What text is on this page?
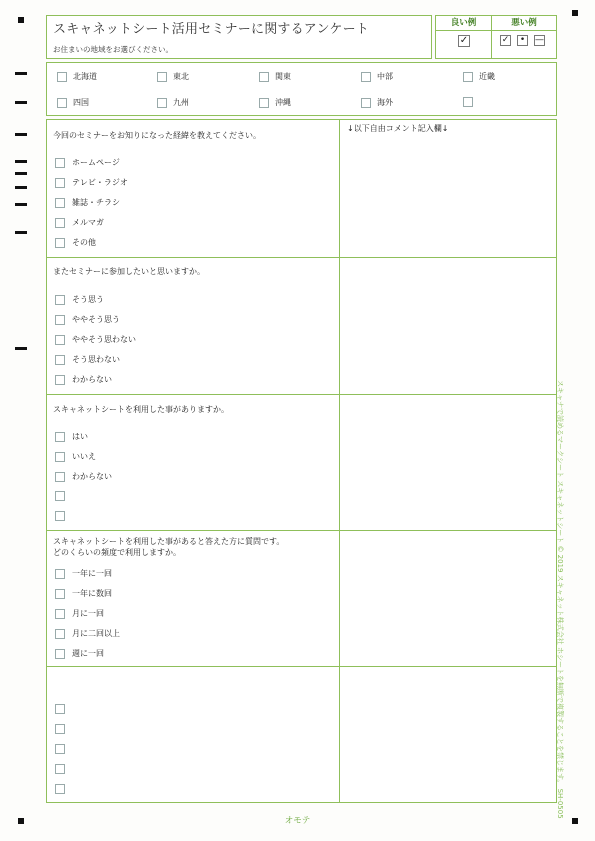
スキャネットシート活用セミナーに関するアンケート
お住まいの地域をお選びください。
良い例
✓
悪い例
✓	•	—
北海道	東北	関東	中部	近畿
四国	九州	沖縄	海外
↓以下自由コメント記入欄↓
今回のセミナーをお知りになった経緯を教えてください。
ホームページ
テレビ・ラジオ
雑誌・チラシ
メルマガ
その他
またセミナーに参加したいと思いますか。
そう思う
ややそう思う
ややそう思わない
そう思わない
わからない
スキャネットシートを利用した事がありますか。
はい
いいえ
わからない
スキャネットシートを利用した事があると答えた方に質問です。
どのくらいの頻度で利用しますか。
一年に一回
一年に数回
月に一回
月に二回以上
週に一回	スキャナで読めるマークシート スキャネットシート © 2019 スキャネット株式会社 ホシートを無断で複製することを禁じます。 SH-0505
オモテ
